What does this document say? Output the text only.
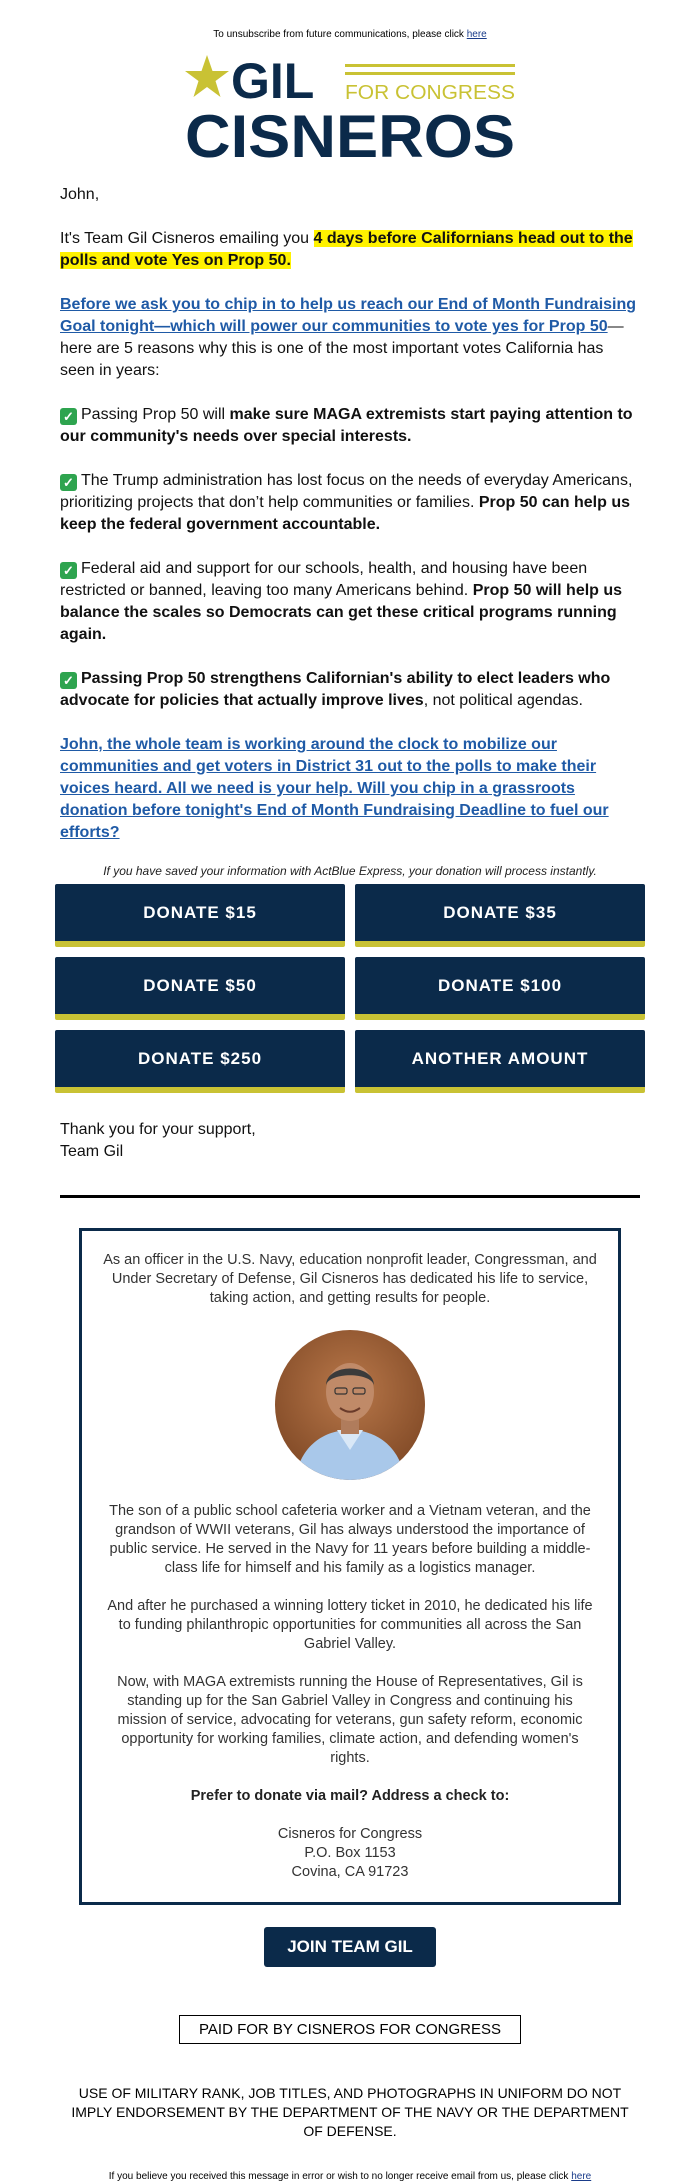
To unsubscribe from future communications, please click here
GIL FOR CONGRESS
CISNEROS

John,

It's Team Gil Cisneros emailing you 4 days before Californians head out to the polls and vote Yes on Prop 50.

Before we ask you to chip in to help us reach our End of Month Fundraising Goal tonight—which will power our communities to vote yes for Prop 50—here are 5 reasons why this is one of the most important votes California has seen in years:

✓ Passing Prop 50 will make sure MAGA extremists start paying attention to our community's needs over special interests.

✓ The Trump administration has lost focus on the needs of everyday Americans, prioritizing projects that don’t help communities or families. Prop 50 can help us keep the federal government accountable.

✓ Federal aid and support for our schools, health, and housing have been restricted or banned, leaving too many Americans behind. Prop 50 will help us balance the scales so Democrats can get these critical programs running again.

✓ Passing Prop 50 strengthens Californian's ability to elect leaders who advocate for policies that actually improve lives, not political agendas.

John, the whole team is working around the clock to mobilize our communities and get voters in District 31 out to the polls to make their voices heard. All we need is your help. Will you chip in a grassroots donation before tonight's End of Month Fundraising Deadline to fuel our efforts?

If you have saved your information with ActBlue Express, your donation will process instantly.
DONATE $15	DONATE $35
DONATE $50	DONATE $100
DONATE $250	ANOTHER AMOUNT

Thank you for your support,

Team Gil

As an officer in the U.S. Navy, education nonprofit leader, Congressman, and Under Secretary of Defense, Gil Cisneros has dedicated his life to service, taking action, and getting results for people.

The son of a public school cafeteria worker and a Vietnam veteran, and the grandson of WWII veterans, Gil has always understood the importance of public service. He served in the Navy for 11 years before building a middle-class life for himself and his family as a logistics manager.

And after he purchased a winning lottery ticket in 2010, he dedicated his life to funding philanthropic opportunities for communities all across the San Gabriel Valley.

Now, with MAGA extremists running the House of Representatives, Gil is standing up for the San Gabriel Valley in Congress and continuing his mission of service, advocating for veterans, gun safety reform, economic opportunity for working families, climate action, and defending women's rights.

Prefer to donate via mail? Address a check to:

Cisneros for Congress
P.O. Box 1153
Covina, CA 91723

JOIN TEAM GIL
PAID FOR BY CISNEROS FOR CONGRESS
USE OF MILITARY RANK, JOB TITLES, AND PHOTOGRAPHS IN UNIFORM DO NOT IMPLY ENDORSEMENT BY THE DEPARTMENT OF THE NAVY OR THE DEPARTMENT OF DEFENSE.
If you believe you received this message in error or wish to no longer receive email from us, please click here
